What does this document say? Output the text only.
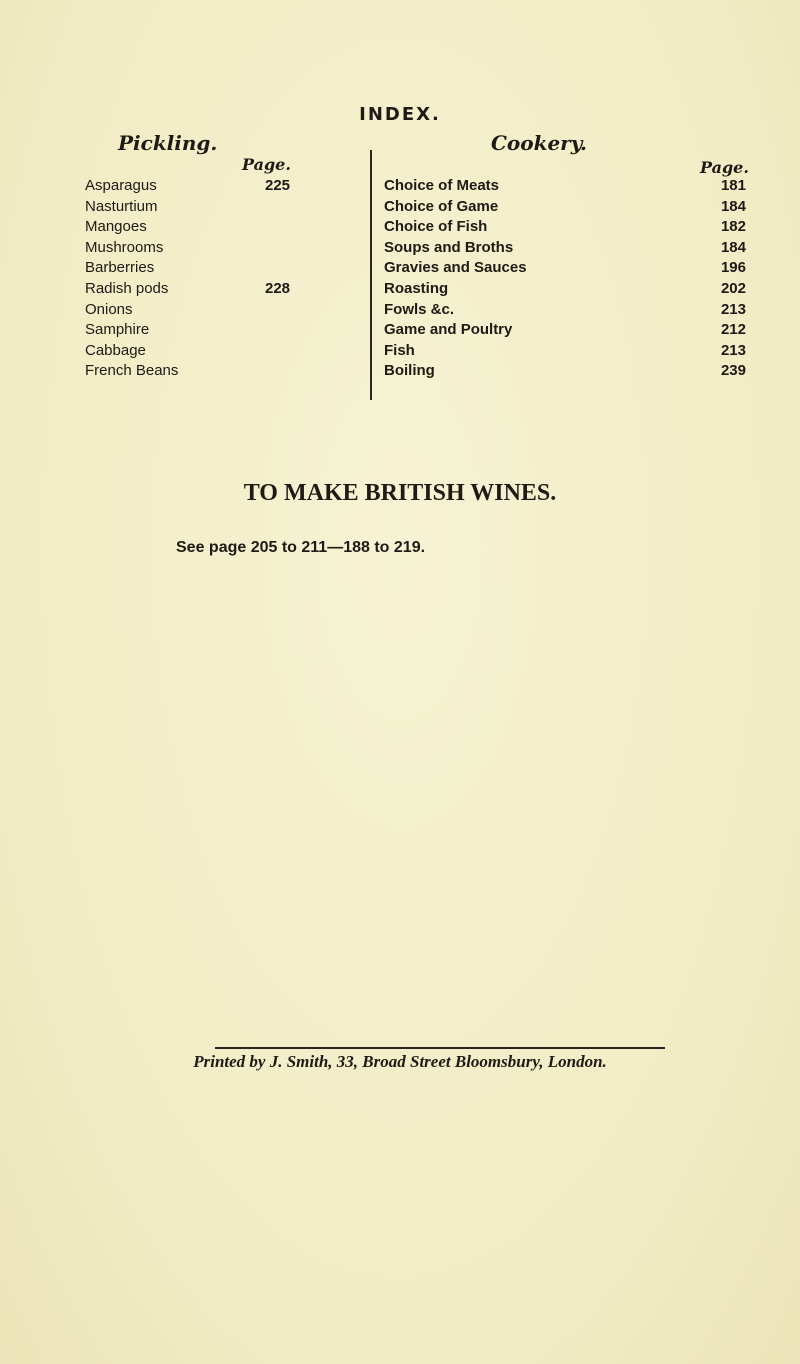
INDEX.
Pickling.
Page.
Cookery.
Page.
Asparagus	225
Nasturtium
Mangoes
Mushrooms
Barberries
Radish pods	228
Onions
Samphire
Cabbage
French Beans
Choice of Meats	181
Choice of Game	184
Choice of Fish	182
Soups and Broths	184
Gravies and Sauces	196
Roasting	202
Fowls &c.	213
Game and Poultry	212
Fish	213
Boiling	239
TO MAKE BRITISH WINES.
See page 205 to 211—188 to 219.
Printed by J. Smith, 33, Broad Street Bloomsbury, London.
